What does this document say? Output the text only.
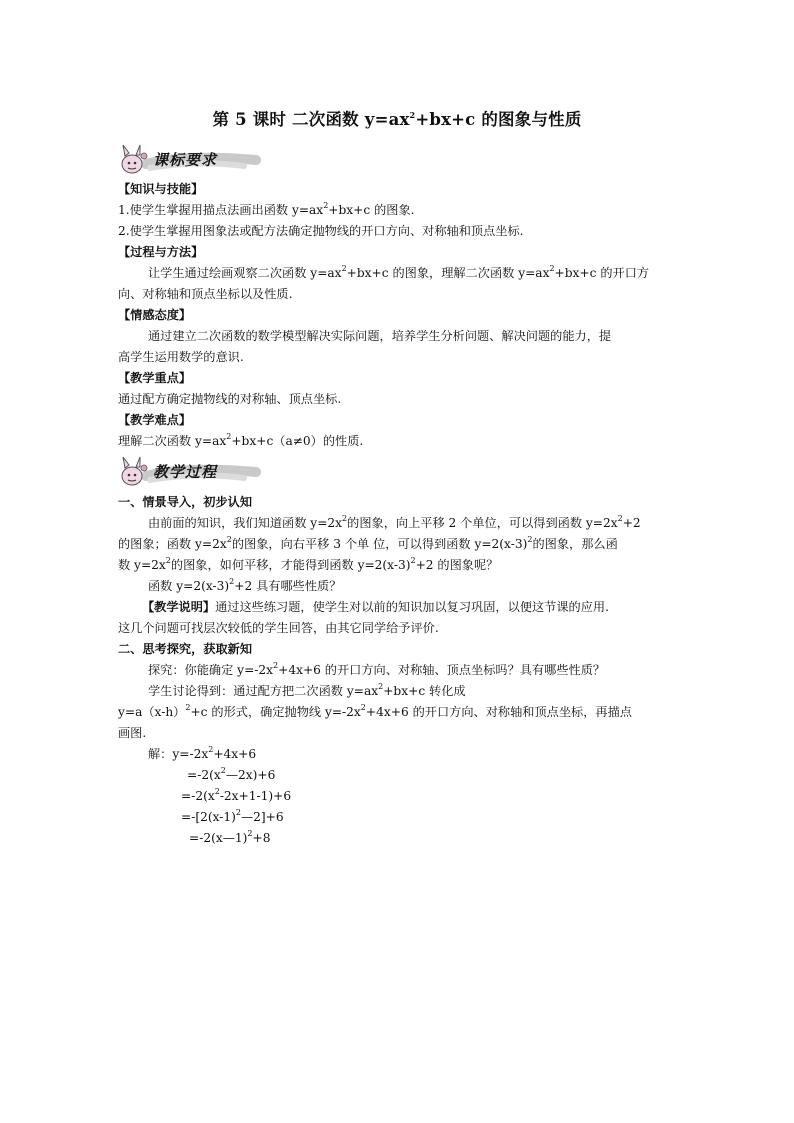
第 5 课时 二次函数 $y=ax^2+bx+c$ 的图象与性质
课标要求
【知识与技能】
1.使学生掌握用描点法画出函数 $y=ax^2+bx+c$ 的图象.
2.使学生掌握用图象法或配方法确定抛物线的开口方向、对称轴和顶点坐标.
【过程与方法】
让学生通过绘画观察二次函数 $y=ax^2+bx+c$ 的图象，理解二次函数 $y=ax^2+bx+c$ 的开口方
向、对称轴和顶点坐标以及性质.
【情感态度】
通过建立二次函数的数学模型解决实际问题，培养学生分析问题、解决问题的能力，提
高学生运用数学的意识.
【教学重点】
通过配方确定抛物线的对称轴、顶点坐标.
【教学难点】
理解二次函数 $y=ax^2+bx+c(a\ne 0)$的性质.
教学过程
一、情景导入，初步认知
由前面的知识，我们知道函数 $y=2x^2$的图象，向上平移 2 个单位，可以得到函数 $y=2x^2+2$
的图象；函数 $y=2x^2$的图象，向右平移 3 个单 位，可以得到函数 $y=2(x-3)^2$的图象，那么函
数 $y=2x^2$的图象，如何平移，才能得到函数 $y=2(x-3)^2+2$ 的图象呢？
函数 $y=2(x-3)^2+2$ 具有哪些性质？
【教学说明】通过这些练习题，使学生对以前的知识加以复习巩固，以便这节课的应用.
这几个问题可找层次较低的学生回答，由其它同学给予评价.
二、思考探究，获取新知
探究：你能确定 $y=-2x^2+4x+6$ 的开口方向、对称轴、顶点坐标吗？具有哪些性质？
学生讨论得到：通过配方把二次函数 $y=ax^2+bx+c$ 转化成
$y=a(x-h)^2+c$ 的形式，确定抛物线 $y=-2x^2+4x+6$ 的开口方向、对称轴和顶点坐标，再描点
画图.
解：$y=-2x^2+4x+6$
$=-2(x^2—2x)+6$
$=-2(x^2-2x+1-1)+6$
$=-[2(x-1)^2—2]+6$
=-2(x—1)$^2$+8
